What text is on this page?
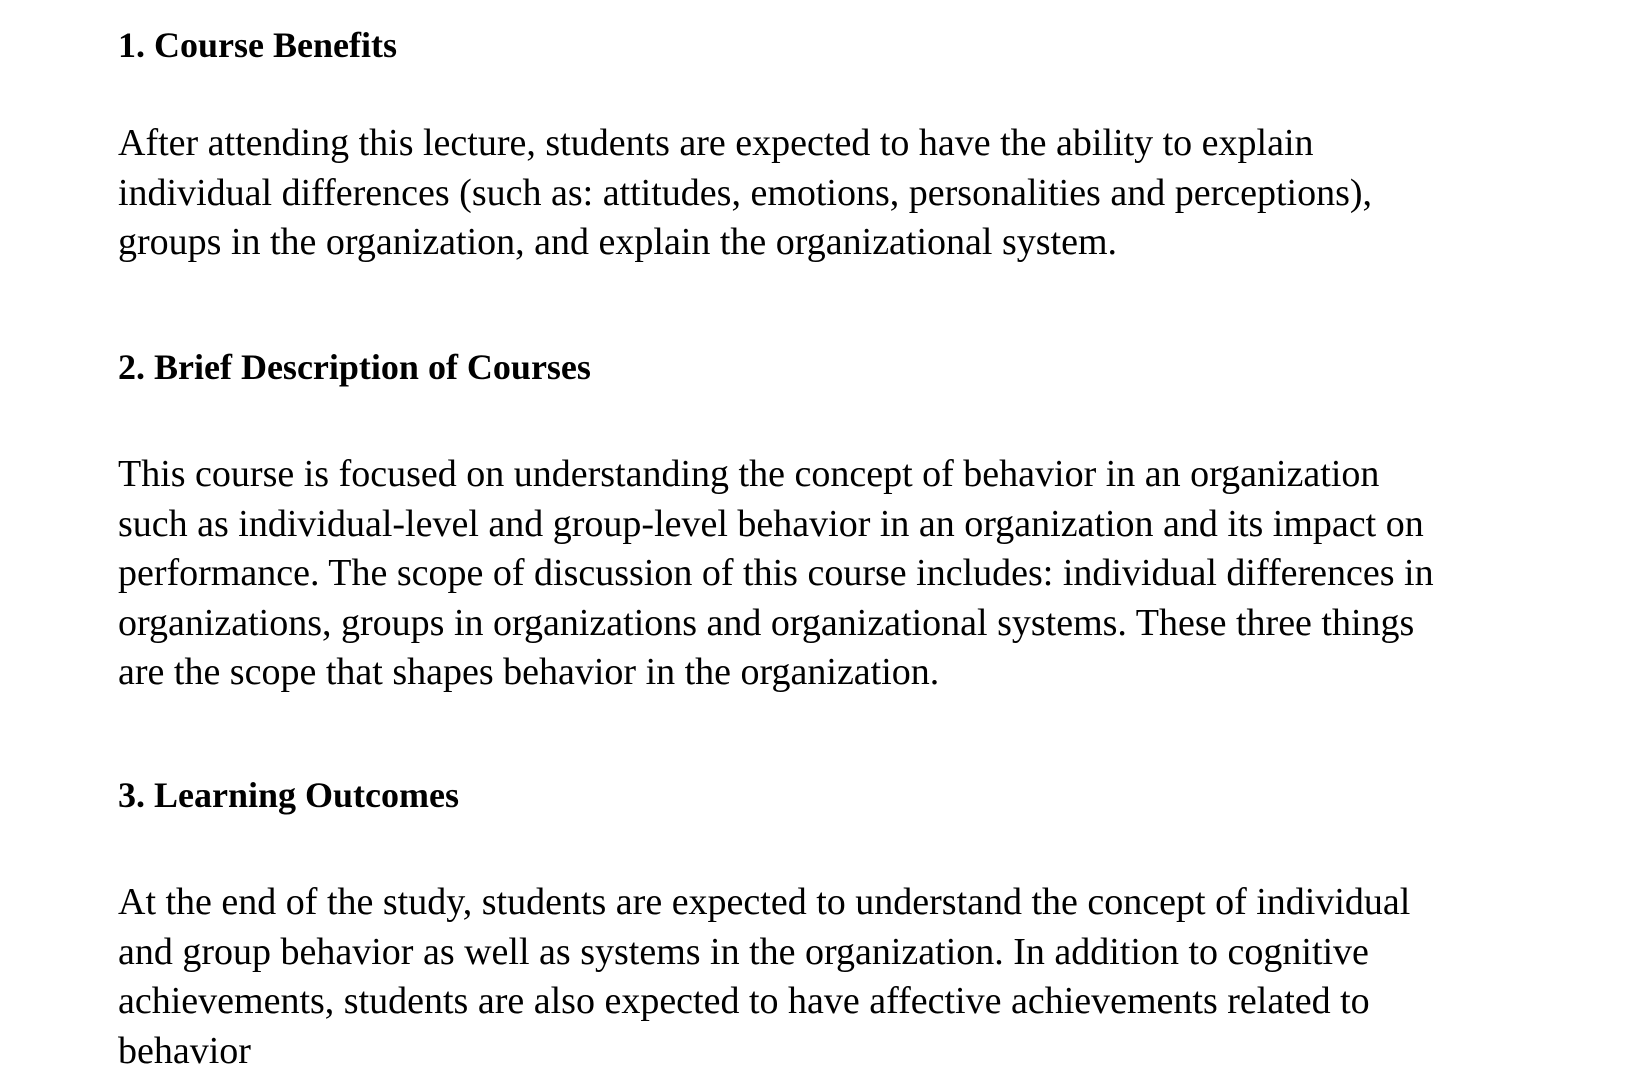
1. Course Benefits

After attending this lecture, students are expected to have the ability to explain
individual differences (such as: attitudes, emotions, personalities and perceptions),
groups in the organization, and explain the organizational system.

2. Brief Description of Courses

This course is focused on understanding the concept of behavior in an organization
such as individual-level and group-level behavior in an organization and its impact on
performance. The scope of discussion of this course includes: individual differences in
organizations, groups in organizations and organizational systems. These three things
are the scope that shapes behavior in the organization.

3. Learning Outcomes

At the end of the study, students are expected to understand the concept of individual
and group behavior as well as systems in the organization. In addition to cognitive
achievements, students are also expected to have affective achievements related to
behavior
